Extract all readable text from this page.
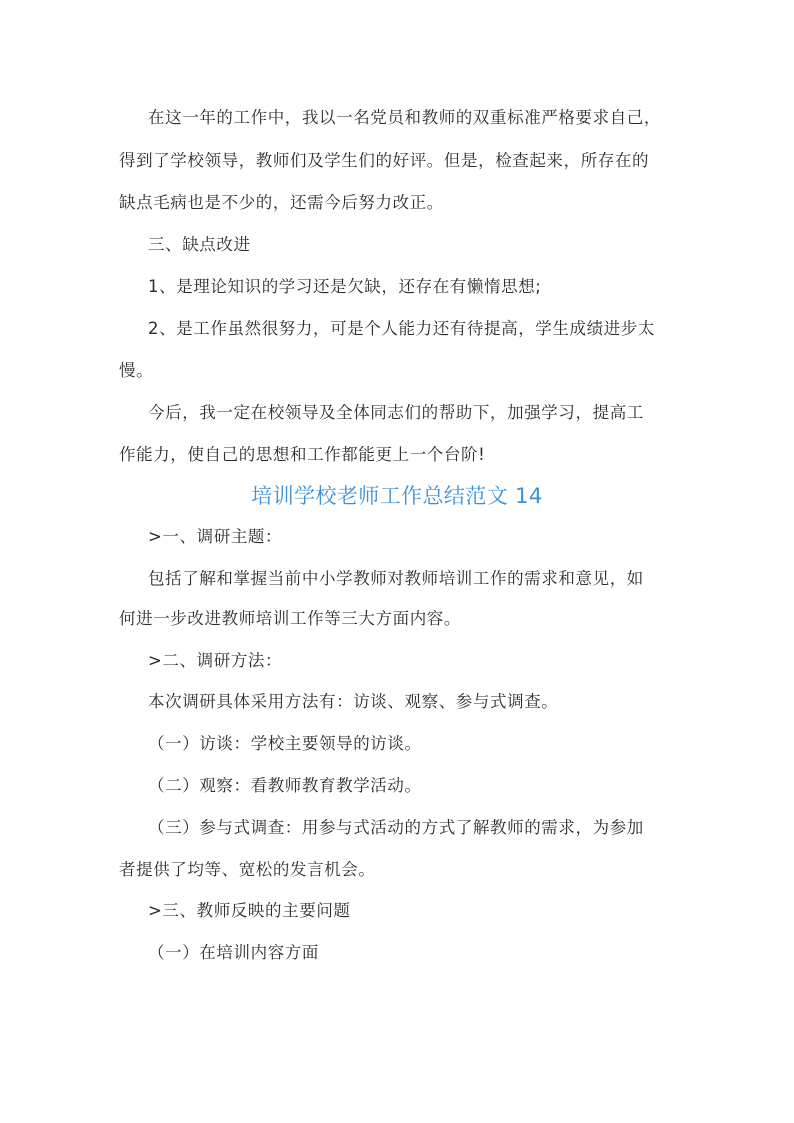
在这一年的工作中，我以一名党员和教师的双重标准严格要求自己，
得到了学校领导，教师们及学生们的好评。但是，检查起来，所存在的
缺点毛病也是不少的，还需今后努力改正。
三、缺点改进
1、是理论知识的学习还是欠缺，还存在有懒惰思想;
2、是工作虽然很努力，可是个人能力还有待提高，学生成绩进步太
慢。
今后，我一定在校领导及全体同志们的帮助下，加强学习，提高工
作能力，使自己的思想和工作都能更上一个台阶!
培训学校老师工作总结范文 14
>一、调研主题：
包括了解和掌握当前中小学教师对教师培训工作的需求和意见，如
何进一步改进教师培训工作等三大方面内容。
>二、调研方法：
本次调研具体采用方法有：访谈、观察、参与式调查。
（一）访谈：学校主要领导的访谈。
（二）观察：看教师教育教学活动。
（三）参与式调查：用参与式活动的方式了解教师的需求，为参加
者提供了均等、宽松的发言机会。
>三、教师反映的主要问题
（一）在培训内容方面
